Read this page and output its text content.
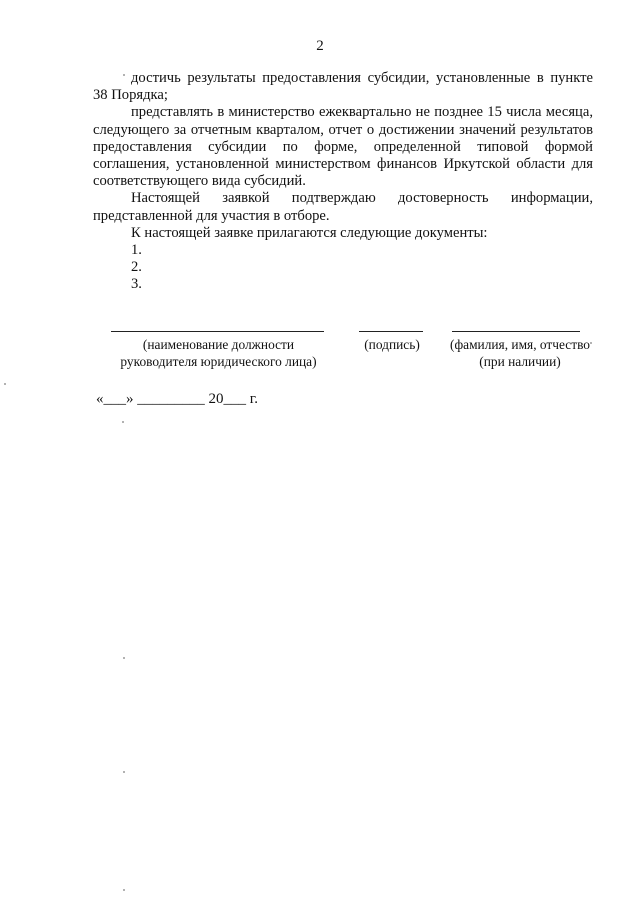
2

достичь результаты предоставления субсидии, установленные в пункте 38 Порядка;

представлять в министерство ежеквартально не позднее 15 числа месяца, следующего за отчетным кварталом, отчет о достижении значений результатов предоставления субсидии по форме, определенной типовой формой соглашения, установленной министерством финансов Иркутской области для соответствующего вида субсидий.

Настоящей заявкой подтверждаю достоверность информации, представленной для участия в отборе.

К настоящей заявке прилагаются следующие документы:

1.
2.
3.
(наименование должности
руководителя юридического лица)
(подпись)	(фамилия, имя, отчество
(при наличии)
«___» _________ 20___ г.
